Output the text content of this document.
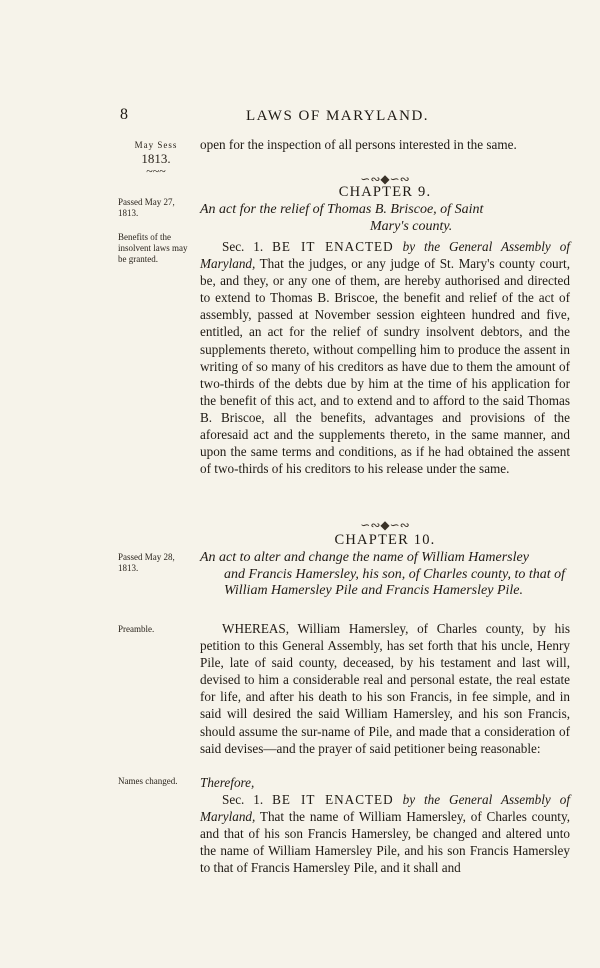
8	LAWS OF MARYLAND.
May Sess
1813.
~~~
Passed May 27, 1813.
Benefits of the insolvent laws may be granted.
Passed May 28, 1813.
Preamble.
Names changed.
open for the inspection of all persons interested in the same.
∽∾◆∽∾
CHAPTER 9.
An act for the relief of Thomas B. Briscoe, of Saint
Mary's county.
Sec. 1. BE IT ENACTED by the General Assembly of Maryland, That the judges, or any judge of St. Mary's county court, be, and they, or any one of them, are hereby authorised and directed to extend to Thomas B. Briscoe, the benefit and relief of the act of assembly, passed at November session eighteen hundred and five, entitled, an act for the relief of sundry insolvent debtors, and the supplements thereto, without compelling him to produce the assent in writing of so many of his creditors as have due to them the amount of two-thirds of the debts due by him at the time of his application for the benefit of this act, and to extend and to afford to the said Thomas B. Briscoe, all the benefits, advantages and provisions of the aforesaid act and the supplements thereto, in the same manner, and upon the same terms and conditions, as if he had obtained the assent of two-thirds of his creditors to his release under the same.
∽∾◆∽∾
CHAPTER 10.
An act to alter and change the name of William Hamersley
and Francis Hamersley, his son, of Charles county, to that of William Hamersley Pile and Francis Hamersley Pile.
WHEREAS, William Hamersley, of Charles county, by his petition to this General Assembly, has set forth that his uncle, Henry Pile, late of said county, deceased, by his testament and last will, devised to him a considerable real and personal estate, the real estate for life, and after his death to his son Francis, in fee simple, and in said will desired the said William Hamersley, and his son Francis, should assume the sur-name of Pile, and made that a consideration of said devises—and the prayer of said petitioner being reasonable:
Therefore,
Sec. 1. BE IT ENACTED by the General Assembly of Maryland, That the name of William Hamersley, of Charles county, and that of his son Francis Hamersley, be changed and altered unto the name of William Hamersley Pile, and his son Francis Hamersley to that of Francis Hamersley Pile, and it shall and
